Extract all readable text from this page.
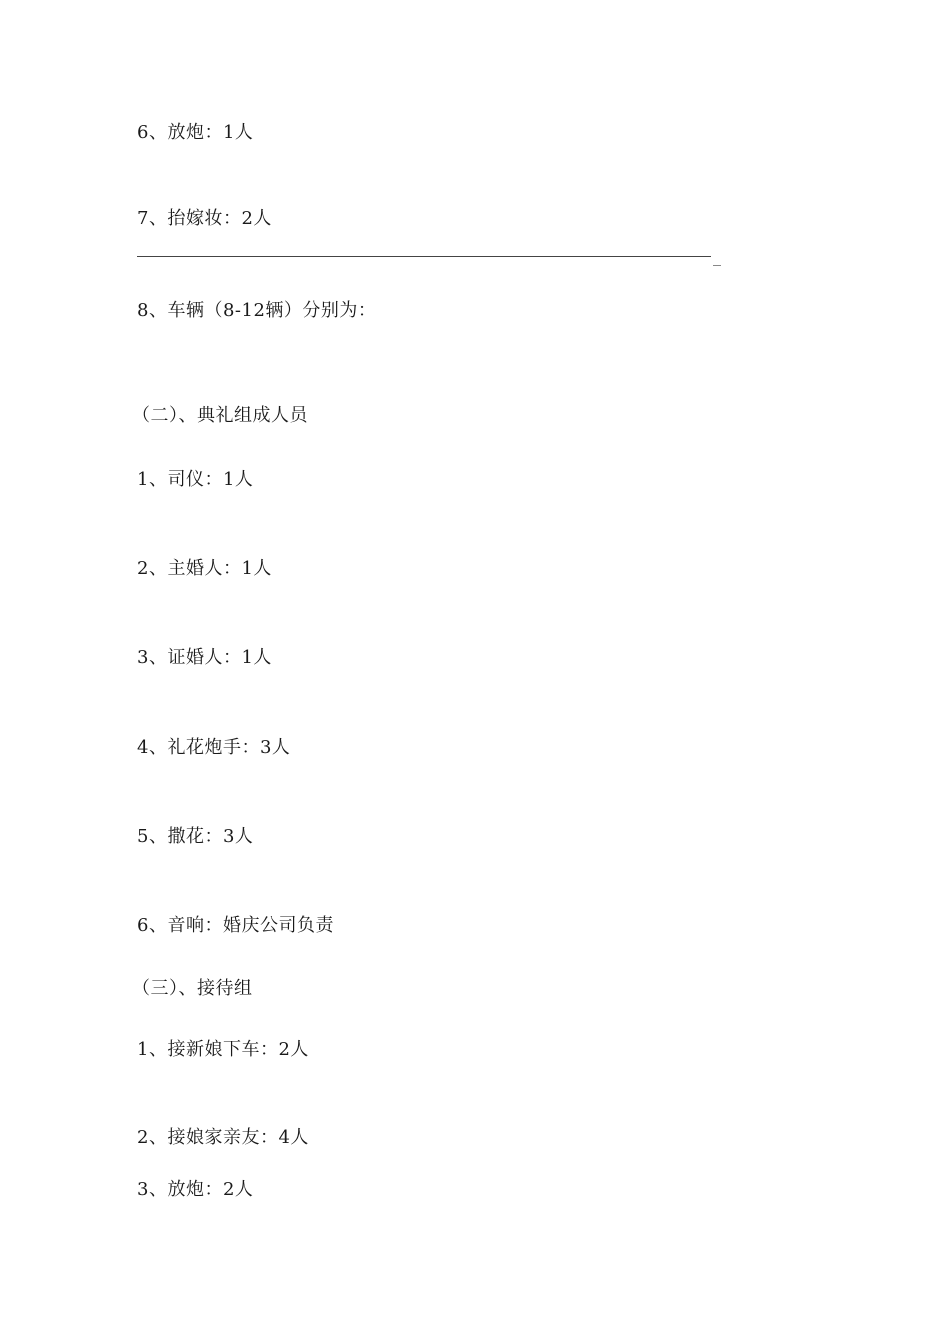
6、放炮：1人
7、抬嫁妆：2人
8、车辆（8-12辆）分别为：
（二）、典礼组成人员
1、司仪：1人
2、主婚人：1人
3、证婚人：1人
4、礼花炮手：3人
5、撒花：3人
6、音响：婚庆公司负责
（三）、接待组
1、接新娘下车：2人
2、接娘家亲友：4人
3、放炮：2人
